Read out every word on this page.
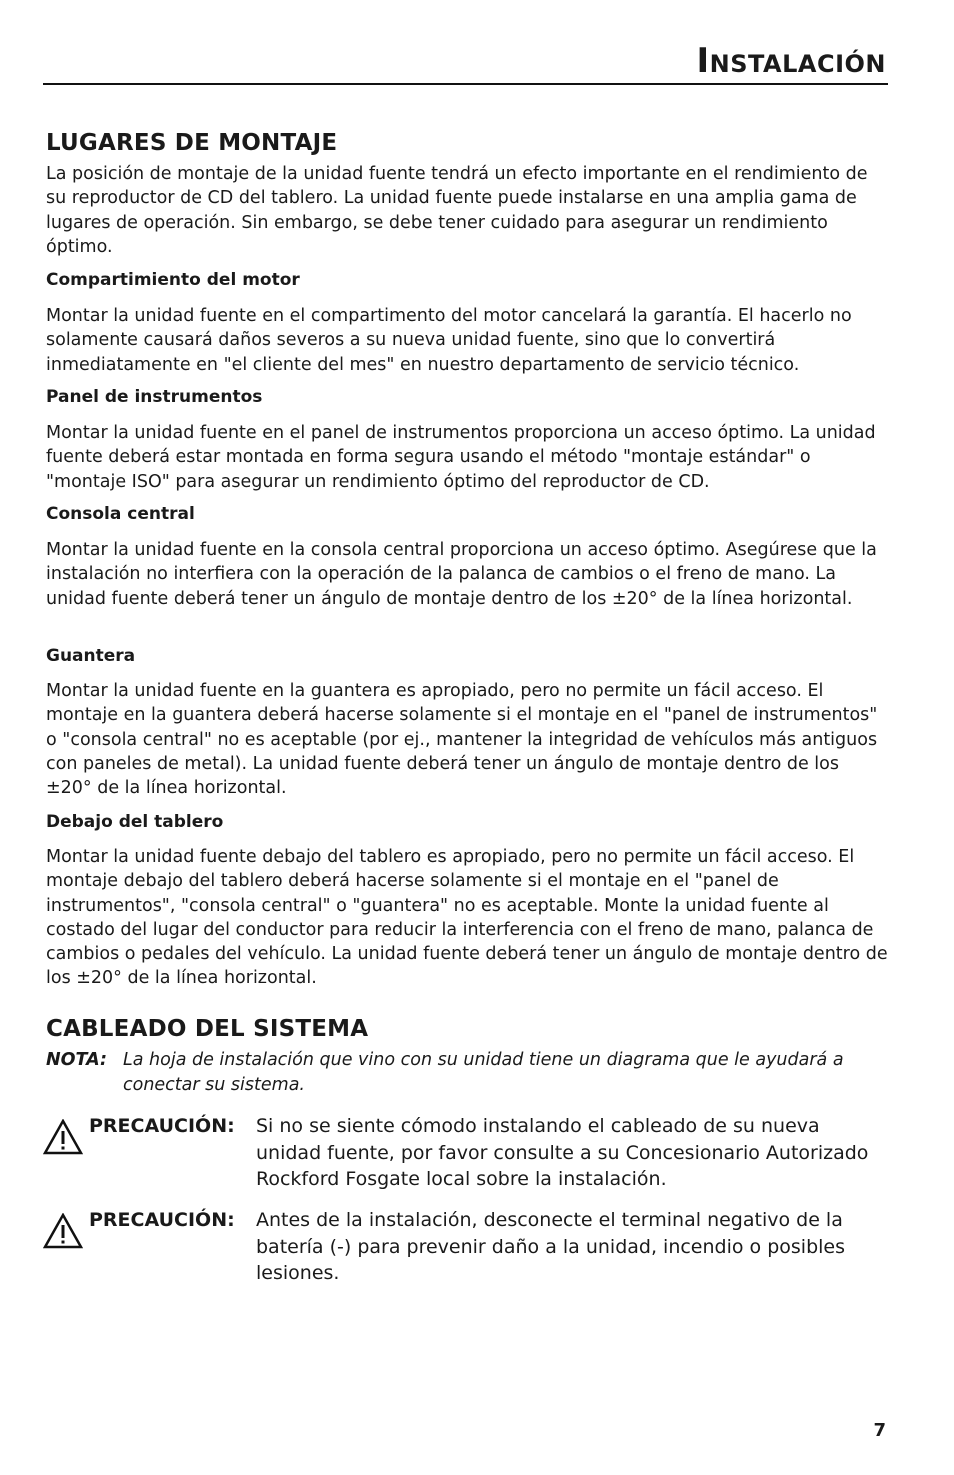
Instalación
LUGARES DE MONTAJE

La posición de montaje de la unidad fuente tendrá un efecto importante en el rendimiento de su reproductor de CD del tablero. La unidad fuente puede instalarse en una amplia gama de lugares de operación. Sin embargo, se debe tener cuidado para asegurar un rendimiento óptimo.

Compartimiento del motor

Montar la unidad fuente en el compartimento del motor cancelará la garantía. El hacerlo no solamente causará daños severos a su nueva unidad fuente, sino que lo convertirá inmediatamente en "el cliente del mes" en nuestro departamento de servicio técnico.

Panel de instrumentos

Montar la unidad fuente en el panel de instrumentos proporciona un acceso óptimo. La unidad fuente deberá estar montada en forma segura usando el método "montaje estándar" o "montaje ISO" para asegurar un rendimiento óptimo del reproductor de CD.

Consola central

Montar la unidad fuente en la consola central proporciona un acceso óptimo. Asegúrese que la instalación no interfiera con la operación de la palanca de cambios o el freno de mano. La unidad fuente deberá tener un ángulo de montaje dentro de los ±20° de la línea horizontal.

Guantera

Montar la unidad fuente en la guantera es apropiado, pero no permite un fácil acceso. El montaje en la guantera deberá hacerse solamente si el montaje en el "panel de instrumentos" o "consola central" no es aceptable (por ej., mantener la integridad de vehículos más antiguos con paneles de metal). La unidad fuente deberá tener un ángulo de montaje dentro de los ±20° de la línea horizontal.

Debajo del tablero

Montar la unidad fuente debajo del tablero es apropiado, pero no permite un fácil acceso. El montaje debajo del tablero deberá hacerse solamente si el montaje en el "panel de instrumentos", "consola central" o "guantera" no es aceptable. Monte la unidad fuente al costado del lugar del conductor para reducir la interferencia con el freno de mano, palanca de cambios o pedales del vehículo. La unidad fuente deberá tener un ángulo de montaje dentro de los ±20° de la línea horizontal.

CABLEADO DEL SISTEMA
NOTA: La hoja de instalación que vino con su unidad tiene un diagrama que le ayudará a conectar su sistema.
PRECAUCIÓN: Si no se siente cómodo instalando el cableado de su nueva unidad fuente, por favor consulte a su Concesionario Autorizado Rockford Fosgate local sobre la instalación.
PRECAUCIÓN: Antes de la instalación, desconecte el terminal negativo de la batería (-) para prevenir daño a la unidad, incendio o posibles lesiones.
7
